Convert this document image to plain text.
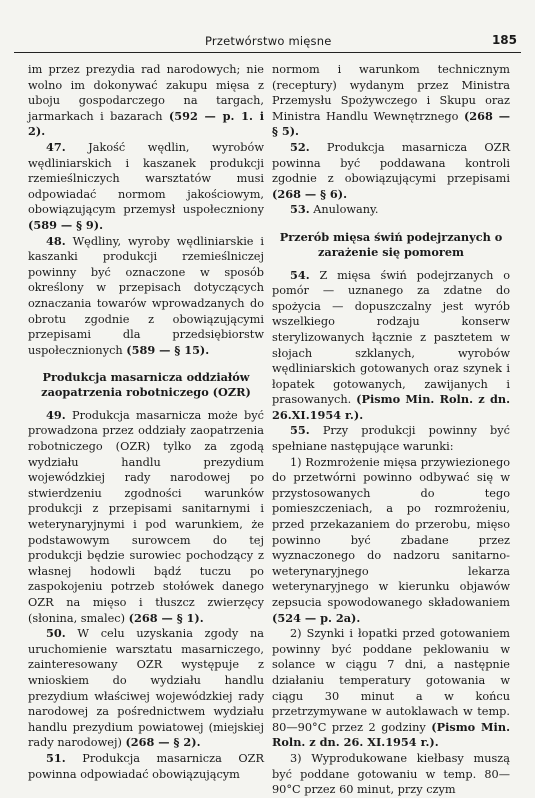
Przetwórstwo mięsne	185

im przez prezydia rad narodowych; nie wolno im dokonywać zakupu mięsa z uboju gospodarczego na targach, jarmarkach i bazarach (592 — p. 1. i 2).

47. Jakość wędlin, wyrobów wędliniarskich i kaszanek produkcji rzemieślniczych warsztatów musi odpowiadać normom jakościowym, obowiązującym przemysł uspołeczniony (589 — § 9).

48. Wędliny, wyroby wędliniarskie i kaszanki produkcji rzemieślniczej powinny być oznaczone w sposób określony w przepisach dotyczących oznaczania towarów wprowadzanych do obrotu zgodnie z obowiązującymi przepisami dla przedsiębiorstw uspołecznionych (589 — § 15).

Produkcja masarnicza oddziałów zaopatrzenia robotniczego (OZR)

49. Produkcja masarnicza może być prowadzona przez oddziały zaopatrzenia robotniczego (OZR) tylko za zgodą wydziału handlu prezydium wojewódzkiej rady narodowej po stwierdzeniu zgodności warunków produkcji z przepisami sanitarnymi i weterynaryjnymi i pod warunkiem, że podstawowym surowcem do tej produkcji będzie surowiec pochodzący z własnej hodowli bądź tuczu po zaspokojeniu potrzeb stołówek danego OZR na mięso i tłuszcz zwierzęcy (słonina, smalec) (268 — § 1).

50. W celu uzyskania zgody na uruchomienie warsztatu masarniczego, zainteresowany OZR występuje z wnioskiem do wydziału handlu prezydium właściwej wojewódzkiej rady narodowej za pośrednictwem wydziału handlu prezydium powiatowej (miejskiej rady narodowej) (268 — § 2).

51. Produkcja masarnicza OZR powinna odpowiadać obowiązującym

normom i warunkom technicznym (receptury) wydanym przez Ministra Przemysłu Spożywczego i Skupu oraz Ministra Handlu Wewnętrznego (268 — § 5).

52. Produkcja masarnicza OZR powinna być poddawana kontroli zgodnie z obowiązującymi przepisami (268 — § 6).

53. Anulowany.

Przerób mięsa świń podejrzanych o zarażenie się pomorem

54. Z mięsa świń podejrzanych o pomór — uznanego za zdatne do spożycia — dopuszczalny jest wyrób wszelkiego rodzaju konserw sterylizowanych łącznie z pasztetem w słojach szklanych, wyrobów wędliniarskich gotowanych oraz szynek i łopatek gotowanych, zawijanych i prasowanych. (Pismo Min. Roln. z dn. 26.XI.1954 r.).

55. Przy produkcji powinny być spełniane następujące warunki:

1) Rozmrożenie mięsa przywiezionego do przetwórni powinno odbywać się w przystosowanych do tego pomieszczeniach, a po rozmrożeniu, przed przekazaniem do przerobu, mięso powinno być zbadane przez wyznaczonego do nadzoru sanitarno-weterynaryjnego lekarza weterynaryjnego w kierunku objawów zepsucia spowodowanego składowaniem (524 — p. 2a).

2) Szynki i łopatki przed gotowaniem powinny być poddane peklowaniu w solance w ciągu 7 dni, a następnie działaniu temperatury gotowania w ciągu 30 minut a w końcu przetrzymywane w autoklawach w temp. 80—90°C przez 2 godziny (Pismo Min. Roln. z dn. 26. XI.1954 r.).

3) Wyprodukowane kiełbasy muszą być poddane gotowaniu w temp. 80—90°C przez 60 minut, przy czym
